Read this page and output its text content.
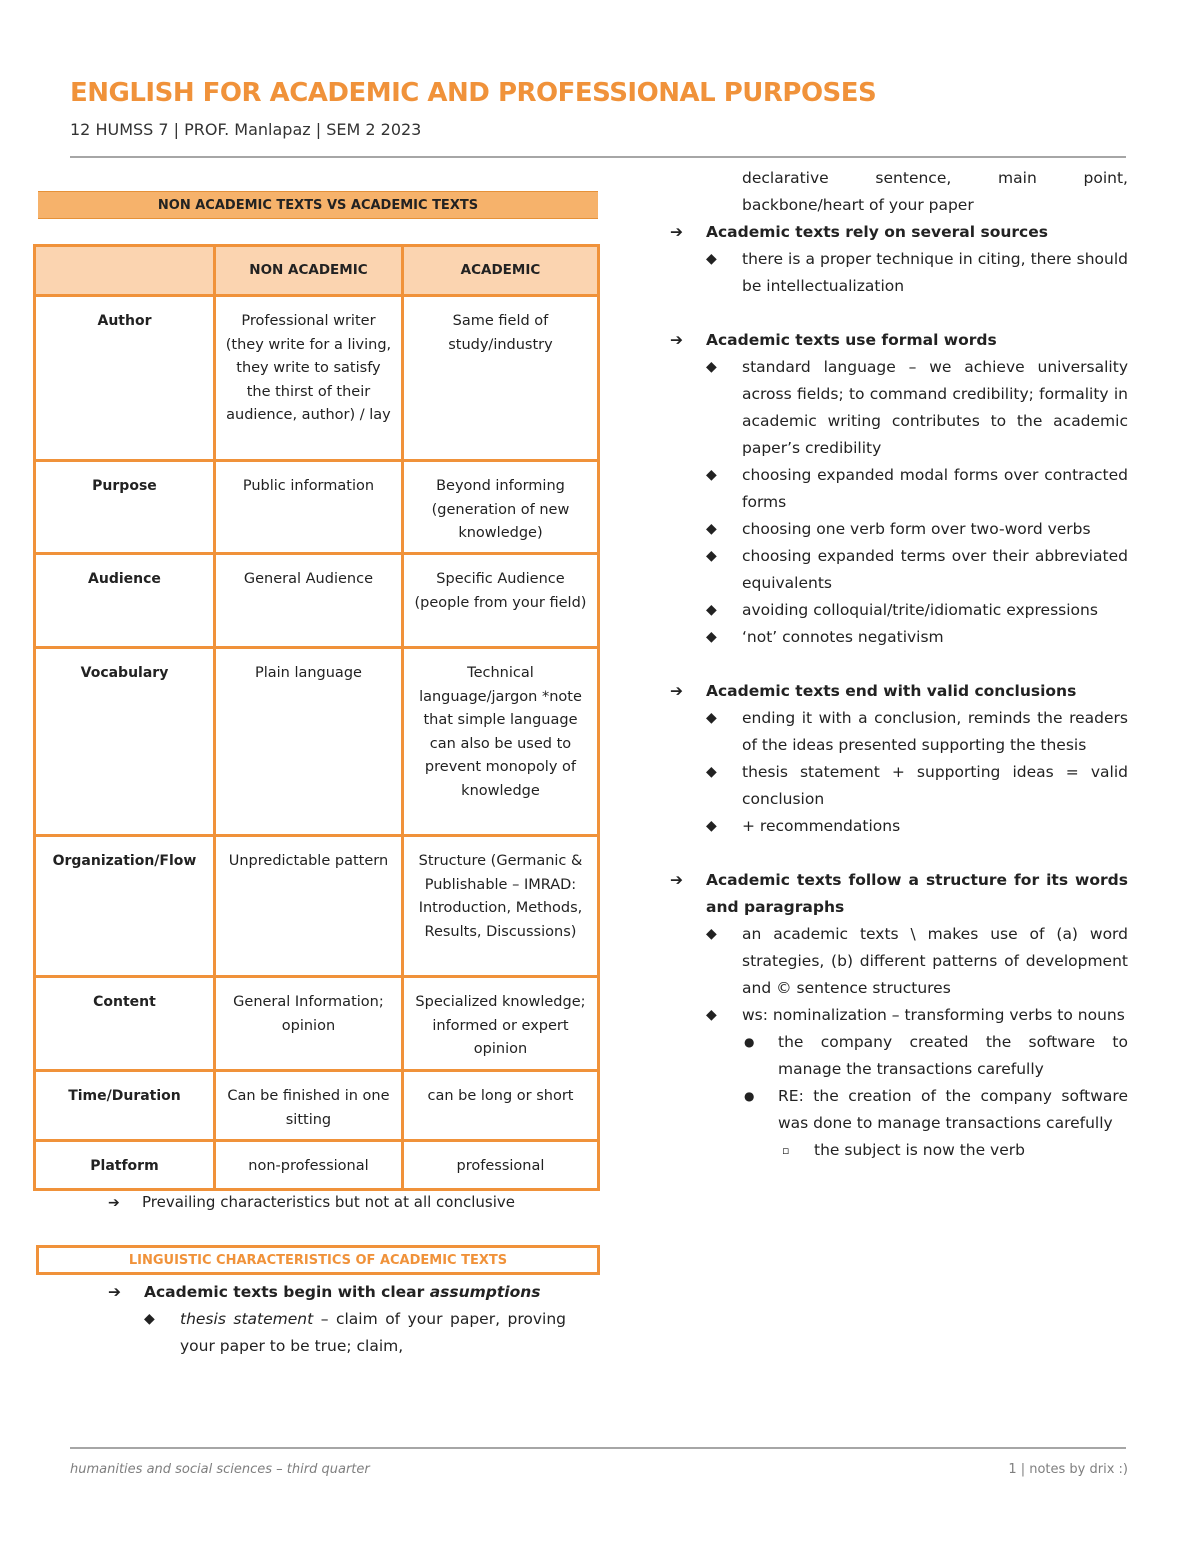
ENGLISH FOR ACADEMIC AND PROFESSIONAL PURPOSES
12 HUMSS 7 | PROF. Manlapaz | SEM 2 2023
NON ACADEMIC TEXTS VS ACADEMIC TEXTS
	NON ACADEMIC	ACADEMIC
Author	Professional writer (they write for a living, they write to satisfy the thirst of their audience, author) / lay	Same field of study/industry
Purpose	Public information	Beyond informing (generation of new knowledge)
Audience	General Audience	Specific Audience (people from your field)
Vocabulary	Plain language	Technical language/jargon *note that simple language can also be used to prevent monopoly of knowledge
Organization/Flow	Unpredictable pattern	Structure (Germanic & Publishable – IMRAD: Introduction, Methods, Results, Discussions)
Content	General Information; opinion	Specialized knowledge; informed or expert opinion
Time/Duration	Can be finished in one sitting	can be long or short
Platform	non-professional	professional
➔ Prevailing characteristics but not at all conclusive
LINGUISTIC CHARACTERISTICS OF ACADEMIC TEXTS
➔ Academic texts begin with clear assumptions
◆ thesis statement – claim of your paper, proving your paper to be true; claim,
declarative sentence, main point, backbone/heart of your paper
➔ Academic texts rely on several sources
◆ there is a proper technique in citing, there should be intellectualization
➔ Academic texts use formal words
◆ standard language – we achieve universality across fields; to command credibility; formality in academic writing contributes to the academic paper’s credibility
◆ choosing expanded modal forms over contracted forms
◆ choosing one verb form over two-word verbs
◆ choosing expanded terms over their abbreviated equivalents
◆ avoiding colloquial/trite/idiomatic expressions
◆ ‘not’ connotes negativism
➔ Academic texts end with valid conclusions
◆ ending it with a conclusion, reminds the readers of the ideas presented supporting the thesis
◆ thesis statement + supporting ideas = valid conclusion
◆ + recommendations
➔ Academic texts follow a structure for its words and paragraphs
◆ an academic texts \ makes use of (a) word strategies, (b) different patterns of development and © sentence structures
◆ ws: nominalization – transforming verbs to nouns
● the company created the software to manage the transactions carefully
● RE: the creation of the company software was done to manage transactions carefully
▫ the subject is now the verb
humanities and social sciences – third quarter	1 | notes by drix :)
